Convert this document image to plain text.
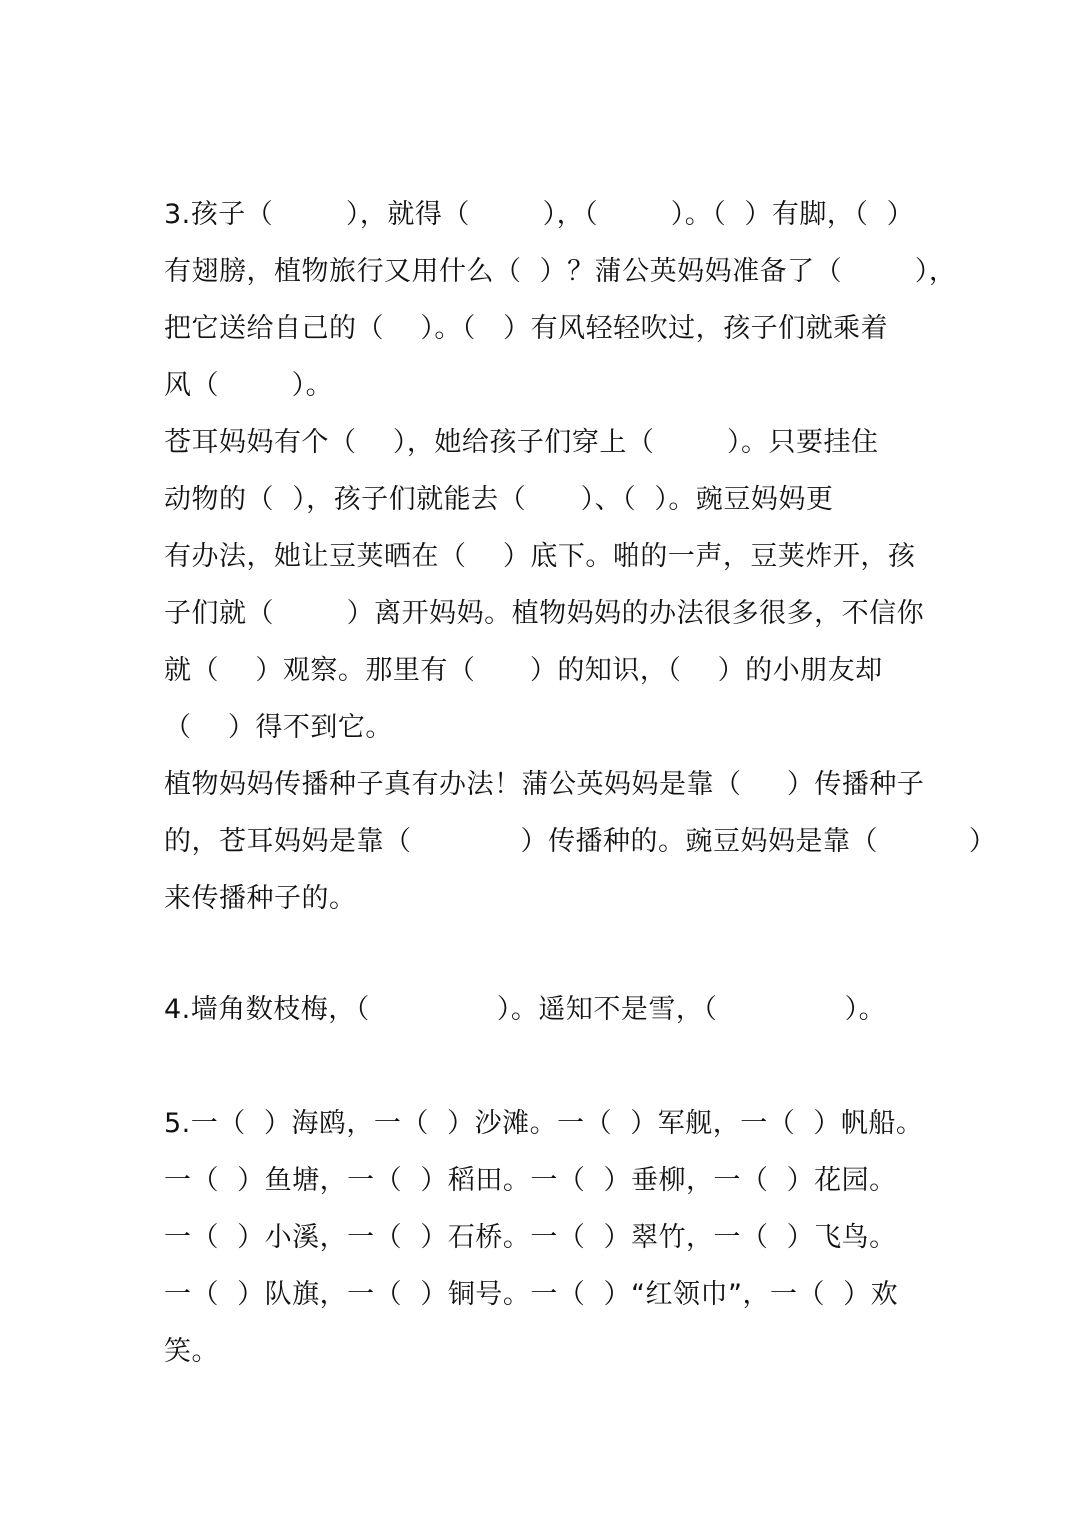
3.孩子（        ），就得（        ），（        ）。（  ）有脚，（  ）
有翅膀，植物旅行又用什么（  ）？蒲公英妈妈准备了（        ），
把它送给自己的（    ）。（   ）有风轻轻吹过，孩子们就乘着
风（        ）。
苍耳妈妈有个（    ），她给孩子们穿上（        ）。只要挂住
动物的（  ），孩子们就能去（      ）、（  ）。豌豆妈妈更
有办法，她让豆荚晒在（    ）底下。啪的一声，豆荚炸开，孩
子们就（        ）离开妈妈。植物妈妈的办法很多很多，不信你
就（    ）观察。那里有（      ）的知识，（    ）的小朋友却
（    ）得不到它。
植物妈妈传播种子真有办法！蒲公英妈妈是靠（     ）传播种子
的，苍耳妈妈是靠（            ）传播种的。豌豆妈妈是靠（          ）
来传播种子的。
4.墙角数枝梅，（              ）。遥知不是雪，（              ）。
5.一（  ）海鸥，一（  ）沙滩。一（  ）军舰，一（  ）帆船。
一（  ）鱼塘，一（  ）稻田。一（  ）垂柳，一（  ）花园。
一（  ）小溪，一（  ）石桥。一（  ）翠竹，一（  ）飞鸟。
一（  ）队旗，一（  ）铜号。一（  ）“红领巾”，一（  ）欢
笑。
